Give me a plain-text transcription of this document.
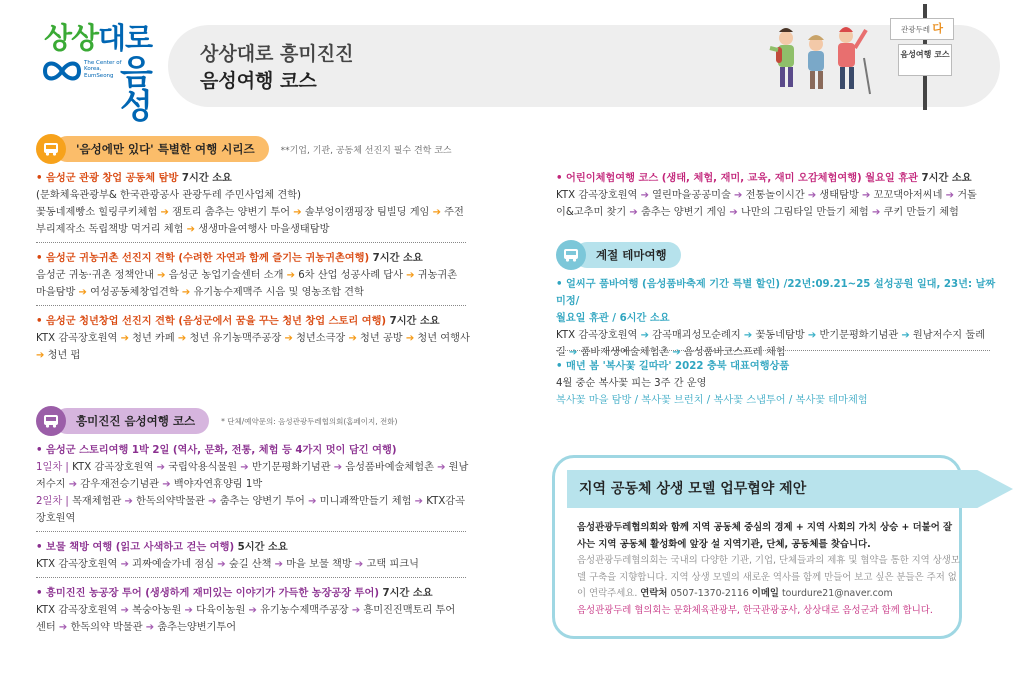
상상대로
The Center of Korea, EumSeong 음성
상상대로 흥미진진
음성여행 코스
관광두레 다
음성여행 코스
'음성에만 있다' 특별한 여행 시리즈	**기업, 기관, 공동체 선진지 필수 견학 코스
• 음성군 관광 창업 공동체 탐방 7시간 소요
(문화체육관광부& 한국관광공사 관광두레 주민사업체 견학)
꽃동네제빵소 힐링쿠키체험 ➔ 잼토리 춤추는 양변기 투어 ➔ 솔부엉이캠핑장 팀빌딩 게임 ➔ 주전
부리제작소 독립책방 먹거리 체험 ➔ 생생마을여행사 마을생태탐방
• 음성군 귀농귀촌 선진지 견학 (수려한 자연과 함께 즐기는 귀농귀촌여행) 7시간 소요
음성군 귀농·귀촌 정책안내 ➔ 음성군 농업기술센터 소개 ➔ 6차 산업 성공사례 답사 ➔ 귀농귀촌
마을탐방 ➔ 여성공동체창업견학 ➔ 유기농수제맥주 시음 및 영농조합 견학
• 음성군 청년창업 선진지 견학 (음성군에서 꿈을 꾸는 청년 창업 스토리 여행) 7시간 소요
KTX 감곡장호원역 ➔ 청년 카페 ➔ 청년 유기농맥주공장 ➔ 청년소극장 ➔ 청년 공방 ➔ 청년 여행사
➔ 청년 펍
흥미진진 음성여행 코스	* 단체/예약문의: 음성관광두레협의회(홈페이지, 전화)
• 음성군 스토리여행 1박 2일 (역사, 문화, 전통, 체험 등 4가지 멋이 담긴 여행)
1일차 | KTX 감곡장호원역 ➔ 국립악용식물원 ➔ 반기문평화기념관 ➔ 음성품바예술체험촌 ➔ 원남
저수지 ➔ 감우재전승기념관 ➔ 백야자연휴양림 1박
2일차 | 목재체험관 ➔ 한독의약박물관 ➔ 춤추는 양변기 투어 ➔ 미니괘짝만들기 체험 ➔ KTX감곡
장호원역
• 보물 책방 여행 (읽고 사색하고 걷는 여행) 5시간 소요
KTX 감곡장호원역 ➔ 괴짜예술가네 점심 ➔ 숲길 산책 ➔ 마을 보물 책방 ➔ 고택 피크닉
• 흥미진진 농공장 투어 (생생하게 재미있는 이야기가 가득한 농장공장 투어) 7시간 소요
KTX 감곡장호원역 ➔ 복숭아농원 ➔ 다육이농원 ➔ 유기농수제맥주공장 ➔ 흥미진진맥토리 투어
센터 ➔ 한독의약 박물관 ➔ 춤추는양변기투어
• 어린이체험여행 코스 (생태, 체험, 재미, 교육, 재미 오감체험여행) 월요일 휴관 7시간 소요
KTX 감곡장호원역 ➔ 열린마을공공미술 ➔ 전통놀이시간 ➔ 생태탐방 ➔ 꼬꼬댁아저씨네 ➔ 거돌
이&고추미 찾기 ➔ 춤추는 양변기 게임 ➔ 나만의 그림타일 만들기 체험 ➔ 쿠키 만들기 체험
계절 테마여행
• 얼씨구 품바여행 (음성품바축제 기간 특별 할인) /22년:09.21~25 설성공원 일대, 23년: 날짜미정/
월요일 휴관 / 6시간 소요
KTX 감곡장호원역 ➔ 감곡매괴성모순례지 ➔ 꽃동네탐방 ➔ 반기문평화기념관 ➔ 원남저수지 둘레
길 ➔ 품바재생예술체험촌 ➔ 음성품바코스프레 체험
• 매년 봄 '복사꽃 길따라' 2022 충북 대표여행상품
4월 중순 복사꽃 피는 3주 간 운영
복사꽃 마을 탐방 / 복사꽃 브런치 / 복사꽃 스냅투어 / 복사꽃 테마체험
지역 공동체 상생 모델 업무협약 제안
음성관광두레협의회와 함께 지역 공동체 중심의 경제 + 지역 사회의 가치 상승 + 더불어 잘 사는 지역 공동체 활성화에 앞장 설 지역기관, 단체, 공동체를 찾습니다.
음성관광두레협의회는 국내의 다양한 기관, 기업, 단체들과의 제휴 및 협약을 통한 지역 상생모델 구축을 지향합니다. 지역 상생 모델의 새로운 역사를 함께 만들어 보고 싶은 분들은 주저 없이 연락주세요. 연락처 0507-1370-2116 이메일 tourdure21@naver.com
음성관광두레 협의회는 문화체육관광부, 한국관광공사, 상상대로 음성군과 함께 합니다.
